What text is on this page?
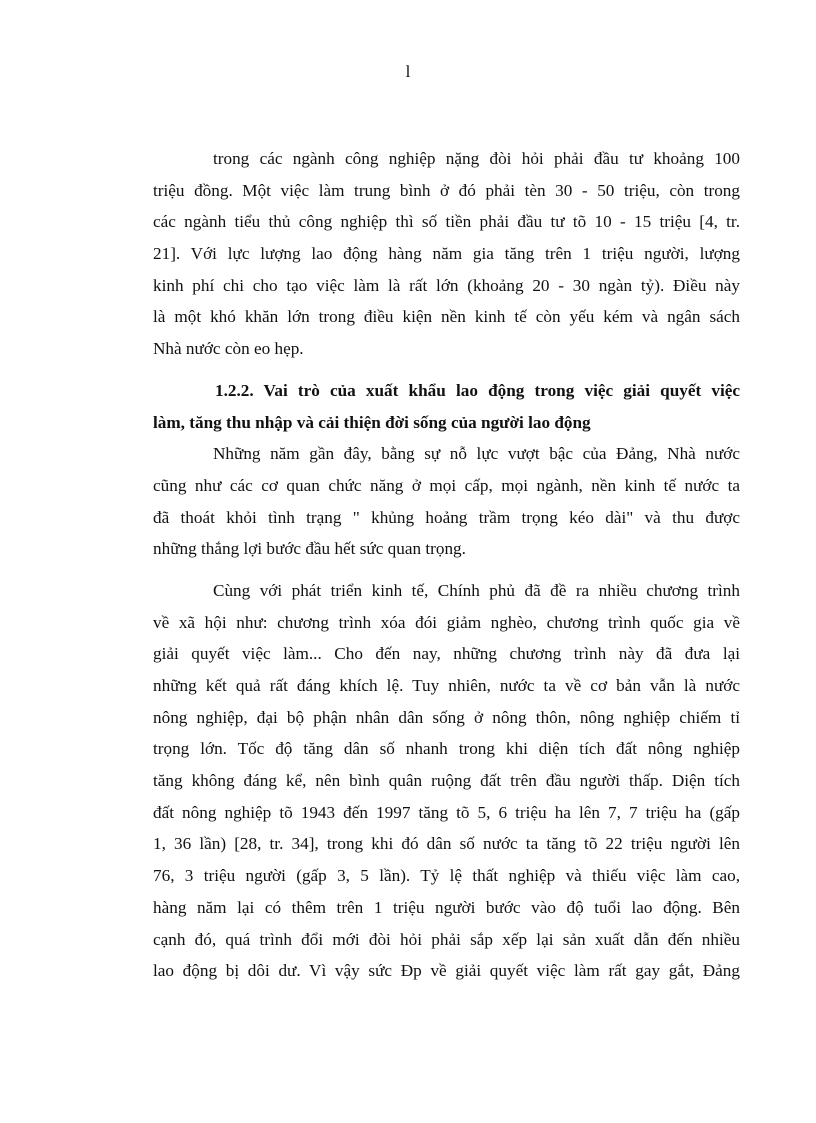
l
trong các ngành công nghiệp nặng đòi hỏi phải đầu tư khoảng 100
triệu đồng. Một việc làm trung bình ở đó phải tèn 30 - 50 triệu, còn trong
các ngành tiểu thủ công nghiệp thì số tiền phải đầu tư tõ 10 - 15 triệu [4, tr.
21]. Với lực lượng lao động hàng năm gia tăng trên 1 triệu người, lượng
kinh phí chi cho tạo việc làm là rất lớn (khoảng 20 - 30 ngàn tỷ). Điều này
là một khó khăn lớn trong điều kiện nền kinh tế còn yếu kém và ngân sách
Nhà nước còn eo hẹp.
1.2.2. Vai trò của xuất khẩu lao động trong việc giải quyết việc
làm, tăng thu nhập và cải thiện đời sống của người lao động
Những năm gần đây, bằng sự nỗ lực vượt bậc của Đảng, Nhà nước
cũng như các cơ quan chức năng ở mọi cấp, mọi ngành, nền kinh tế nước ta
đã thoát khỏi tình trạng " khủng hoảng trầm trọng kéo dài" và thu được
những thắng lợi bước đầu hết sức quan trọng.
Cùng với phát triển kinh tế, Chính phủ đã đề ra nhiều chương trình
về xã hội như: chương trình xóa đói giảm nghèo, chương trình quốc gia về
giải quyết việc làm... Cho đến nay, những chương trình này đã đưa lại
những kết quả rất đáng khích lệ. Tuy nhiên, nước ta về cơ bản vẫn là nước
nông nghiệp, đại bộ phận nhân dân sống ở nông thôn, nông nghiệp chiếm tỉ
trọng lớn. Tốc độ tăng dân số nhanh trong khi diện tích đất nông nghiệp
tăng không đáng kể, nên bình quân ruộng đất trên đầu người thấp. Diện tích
đất nông nghiệp tõ 1943 đến 1997 tăng tõ 5, 6 triệu ha lên 7, 7 triệu ha (gấp
1, 36 lần) [28, tr. 34], trong khi đó dân số nước ta tăng tõ 22 triệu người lên
76, 3 triệu người (gấp 3, 5 lần). Tỷ lệ thất nghiệp và thiếu việc làm cao,
hàng năm lại có thêm trên 1 triệu người bước vào độ tuổi lao động. Bên
cạnh đó, quá trình đổi mới đòi hỏi phải sắp xếp lại sản xuất dẫn đến nhiều
lao động bị dôi dư. Vì vậy sức Ðp về giải quyết việc làm rất gay gắt, Đảng
